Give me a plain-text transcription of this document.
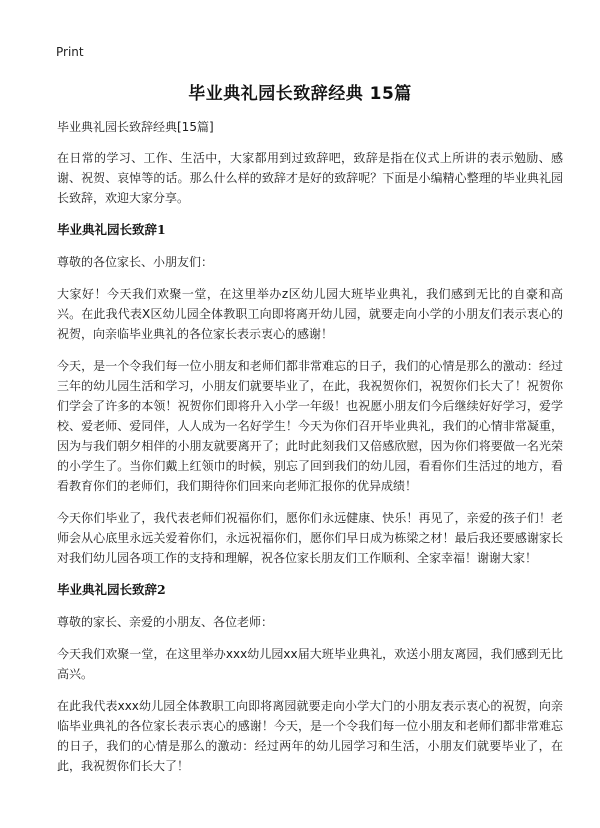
Print
毕业典礼园长致辞经典 15篇

毕业典礼园长致辞经典[15篇]

在日常的学习、工作、生活中，大家都用到过致辞吧，致辞是指在仪式上所讲的表示勉励、感谢、祝贺、哀悼等的话。那么什么样的致辞才是好的致辞呢？下面是小编精心整理的毕业典礼园长致辞，欢迎大家分享。

毕业典礼园长致辞1

尊敬的各位家长、小朋友们：

大家好！今天我们欢聚一堂，在这里举办z区幼儿园大班毕业典礼，我们感到无比的自豪和高兴。在此我代表X区幼儿园全体教职工向即将离开幼儿园，就要走向小学的小朋友们表示衷心的祝贺，向亲临毕业典礼的各位家长表示衷心的感谢！

今天，是一个令我们每一位小朋友和老师们都非常难忘的日子，我们的心情是那么的激动：经过三年的幼儿园生活和学习，小朋友们就要毕业了，在此，我祝贺你们，祝贺你们长大了！祝贺你们学会了许多的本领！祝贺你们即将升入小学一年级！也祝愿小朋友们今后继续好好学习，爱学校、爱老师、爱同伴，人人成为一名好学生！今天为你们召开毕业典礼，我们的心情非常凝重，因为与我们朝夕相伴的小朋友就要离开了；此时此刻我们又倍感欣慰，因为你们将要做一名光荣的小学生了。当你们戴上红领巾的时候，别忘了回到我们的幼儿园，看看你们生活过的地方，看看教育你们的老师们，我们期待你们回来向老师汇报你的优异成绩！

今天你们毕业了，我代表老师们祝福你们，愿你们永远健康、快乐！再见了，亲爱的孩子们！老师会从心底里永远关爱着你们，永远祝福你们，愿你们早日成为栋梁之材！最后我还要感谢家长对我们幼儿园各项工作的支持和理解，祝各位家长朋友们工作顺利、全家幸福！谢谢大家！

毕业典礼园长致辞2

尊敬的家长、亲爱的小朋友、各位老师：

今天我们欢聚一堂，在这里举办xxx幼儿园xx届大班毕业典礼，欢送小朋友离园，我们感到无比高兴。

在此我代表xxx幼儿园全体教职工向即将离园就要走向小学大门的小朋友表示衷心的祝贺，向亲临毕业典礼的各位家长表示衷心的感谢！今天，是一个令我们每一位小朋友和老师们都非常难忘的日子，我们的心情是那么的激动：经过两年的幼儿园学习和生活，小朋友们就要毕业了，在此，我祝贺你们长大了！
